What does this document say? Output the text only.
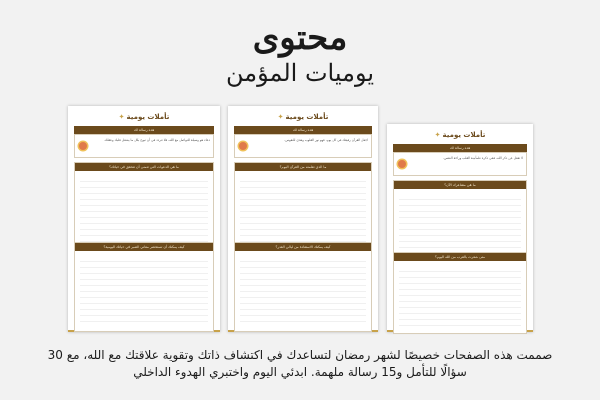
محتوى
يوميات المؤمن
تأملات يومية✦
هذه رسالة لك
دعاء هو وسيلة للتواصل مع الله، فلا تتردد في أن تبوح بكل ما يشغل قلبك وعقلك.
ما هي الدعوات التي تتمنى أن تتحقق في حياتك؟
كيف يمكنك أن تستحضر معاني الصبر في حياتك اليومية؟
تأملات يومية✦
هذه رسالة لك
اجعل القرآن رفيقك في كل يوم، فهو نور القلوب وهدى للنفوس.
ما الذي تعلمته من القرآن اليوم؟
كيف يمكنك الاستفادة من ليالي القدر؟
تأملات يومية✦
هذه رسالة لك
لا تغفل عن ذكر الله، ففي ذكره طمأنينة القلب وراحة النفس.
ما هي مشاعرك الآن؟
متى شعرت بالقرب من الله اليوم؟
صممت هذه الصفحات خصيصًا لشهر رمضان لتساعدك في اكتشاف ذاتك وتقوية علاقتك مع الله، مع 30 سؤالًا للتأمل و15 رسالة ملهمة. ابدئي اليوم واختبري الهدوء الداخلي
